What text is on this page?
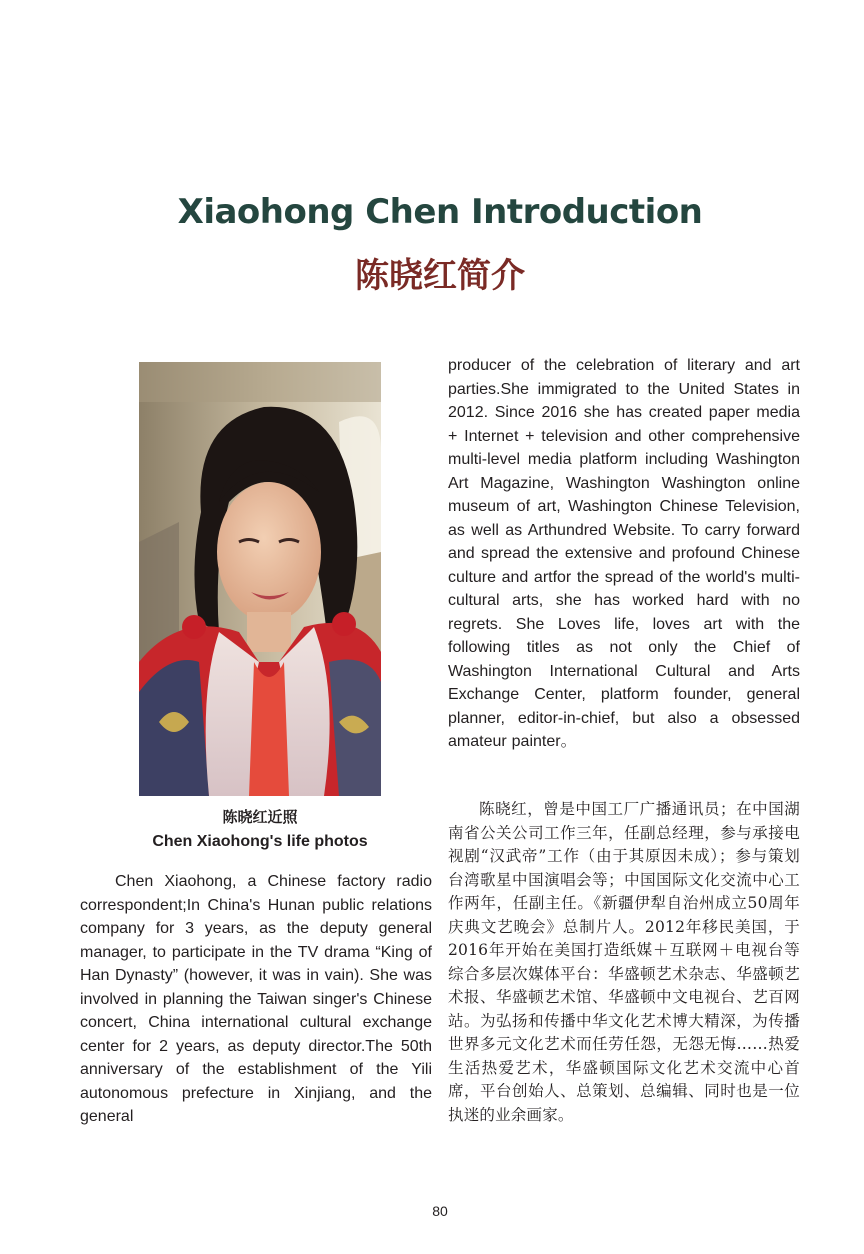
Xiaohong Chen Introduction
陈晓红简介
陈晓红近照
Chen Xiaohong's life photos

Chen Xiaohong, a Chinese factory radio correspondent;In China's Hunan public relations company for 3 years, as the deputy general manager, to participate in the TV drama “King of Han Dynasty” (however, it was in vain). She was involved in planning the Taiwan singer's Chinese concert, China international cultural exchange center for 2 years, as deputy director.The 50th anniversary of the establishment of the Yili autonomous prefecture in Xinjiang, and the general

producer of the celebration of literary and art parties.She immigrated to the United States in 2012. Since 2016 she has created paper media + Internet + television and other comprehensive multi-level media platform including Washington Art Magazine, Washington Washington online museum of art, Washington Chinese Television, as well as Arthundred Website. To carry forward and spread the extensive and profound Chinese culture and artfor the spread of the world's multi-cultural arts, she has worked hard with no regrets. She Loves life, loves art with the following titles as not only the Chief of Washington International Cultural and Arts Exchange Center, platform founder, general planner, editor-in-chief, but also a obsessed amateur painter。

陈晓红，曾是中国工厂广播通讯员；在中国湖南省公关公司工作三年，任副总经理，参与承接电视剧“汉武帝”工作（由于其原因未成）；参与策划台湾歌星中国演唱会等；中国国际文化交流中心工作两年，任副主任。《新疆伊犁自治州成立50周年庆典文艺晚会》总制片人。2012年移民美国，于2016年开始在美国打造纸媒＋互联网＋电视台等综合多层次媒体平台：华盛顿艺术杂志、华盛顿艺术报、华盛顿艺术馆、华盛顿中文电视台、艺百网站。为弘扬和传播中华文化艺术博大精深，为传播世界多元文化艺术而任劳任怨，无怨无悔……热爱生活热爱艺术，华盛顿国际文化艺术交流中心首席，平台创始人、总策划、总编辑、同时也是一位执迷的业余画家。

80
